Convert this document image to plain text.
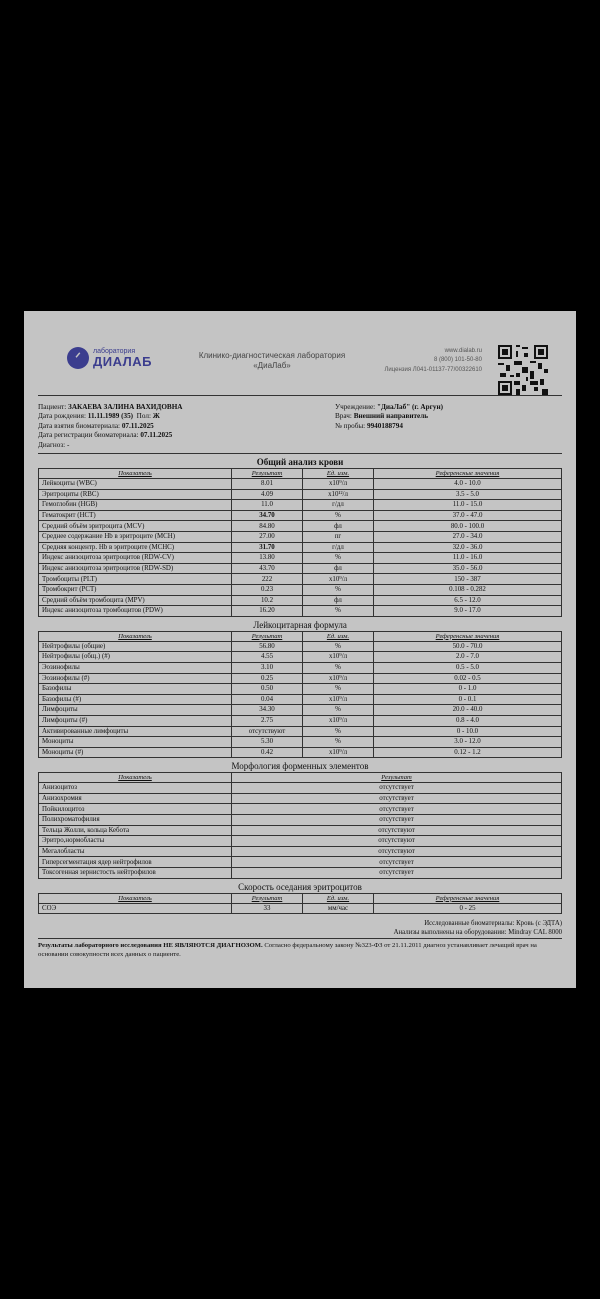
ᐟ	лаборатория
ДИАЛАБ	Клинико-диагностическая лаборатория
«ДиаЛаб»
www.dialab.ru
8 (800) 101-50-80
Лицензия Л041-01137-77/00322610
Пациент: ЗАКАЕВА ЗАЛИНА ВАХИДОВНА
Дата рождения: 11.11.1989 (35) Пол: Ж
Дата взятия биоматериала: 07.11.2025
Дата регистрации биоматериала: 07.11.2025
Диагноз: -
Учреждение: "ДиаЛаб" (г. Аргун)
Врач: Внешний направитель
№ пробы: 9940188794
Общий анализ крови
Показатель	Результат	Ед. изм.	Референсные значения
Лейкоциты (WBC)	8.01	x10⁹/л	4.0 - 10.0
Эритроциты (RBC)	4.09	x10¹²/л	3.5 - 5.0
Гемоглобин (HGB)	11.0	г/дл	11.0 - 15.0
Гематокрит (HCT)	34.70	%	37.0 - 47.0
Средний объём эритроцита (MCV)	84.80	фл	80.0 - 100.0
Среднее содержание Hb в эритроците (MCH)	27.00	пг	27.0 - 34.0
Средняя концентр. Hb в эритроците (MCHC)	31.70	г/дл	32.0 - 36.0
Индекс анизоцитоза эритроцитов (RDW-CV)	13.80	%	11.0 - 16.0
Индекс анизоцитоза эритроцитов (RDW-SD)	43.70	фл	35.0 - 56.0
Тромбоциты (PLT)	222	x10⁹/л	150 - 387
Тромбокрит (PCT)	0.23	%	0.108 - 0.282
Средний объём тромбоцита (MPV)	10.2	фл	6.5 - 12.0
Индекс анизоцитоза тромбоцитов (PDW)	16.20	%	9.0 - 17.0
Лейкоцитарная формула
Показатель	Результат	Ед. изм.	Референсные значения
Нейтрофилы (общие)	56.80	%	50.0 - 70.0
Нейтрофилы (общ.) (#)	4.55	x10⁹/л	2.0 - 7.0
Эозинофилы	3.10	%	0.5 - 5.0
Эозинофилы (#)	0.25	x10⁹/л	0.02 - 0.5
Базофилы	0.50	%	0 - 1.0
Базофилы (#)	0.04	x10⁹/л	0 - 0.1
Лимфоциты	34.30	%	20.0 - 40.0
Лимфоциты (#)	2.75	x10⁹/л	0.8 - 4.0
Активированные лимфоциты	отсутствуют	%	0 - 10.0
Моноциты	5.30	%	3.0 - 12.0
Моноциты (#)	0.42	x10⁹/л	0.12 - 1.2
Морфология форменных элементов
Показатель	Результат
Анизоцитоз	отсутствует
Анизохромия	отсутствует
Пойкилоцитоз	отсутствует
Полихроматофилия	отсутствует
Тельца Жолли, кольца Кебота	отсутствуют
Эритро,нормобласты	отсутствуют
Мегалобласты	отсутствуют
Гиперсегментация ядер нейтрофилов	отсутствует
Токсогенная зернистость нейтрофилов	отсутствует
Скорость оседания эритроцитов
Показатель	Результат	Ед. изм.	Референсные значения
СОЭ	33	мм/час	0 - 25
Исследованные биоматериалы: Кровь (с ЭДТА)
Анализы выполнены на оборудовании: Mindray CAL 8000
Результаты лабораторного исследования НЕ ЯВЛЯЮТСЯ ДИАГНОЗОМ. Согласно федеральному закону №323-ФЗ от 21.11.2011 диагноз устанавливает лечащий врач на основании совокупности всех данных о пациенте.
